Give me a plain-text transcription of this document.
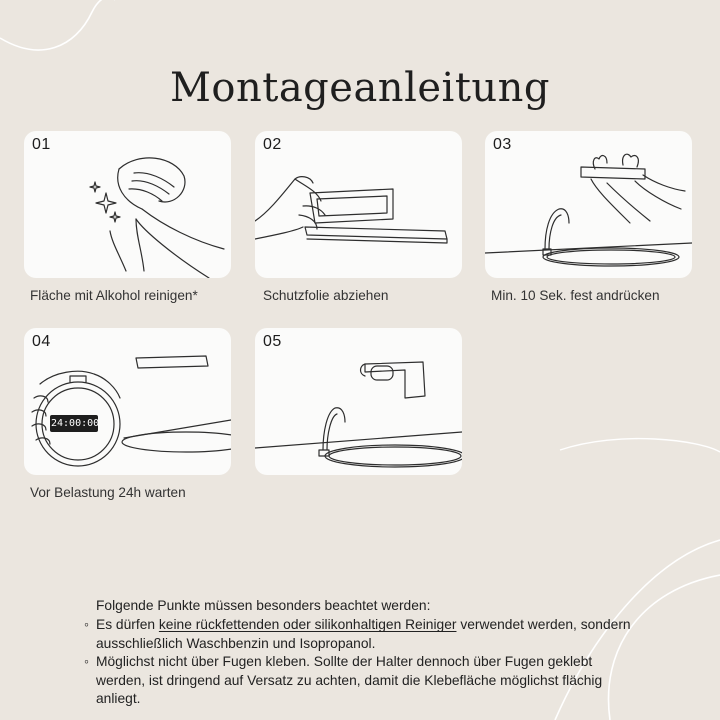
Montageanleitung
01
Fläche mit Alkohol reinigen*
02
Schutzfolie abziehen
03
Min. 10 Sek. fest andrücken
04
24:00:00
Vor Belastung 24h warten
05
Folgende Punkte müssen besonders beachtet werden:
◦ Es dürfen keine rückfettenden oder silikonhaltigen Reiniger verwendet werden, sondern ausschließlich Waschbenzin und Isopropanol.
◦ Möglichst nicht über Fugen kleben. Sollte der Halter dennoch über Fugen geklebt werden, ist dringend auf Versatz zu achten, damit die Klebefläche möglichst flächig anliegt.
